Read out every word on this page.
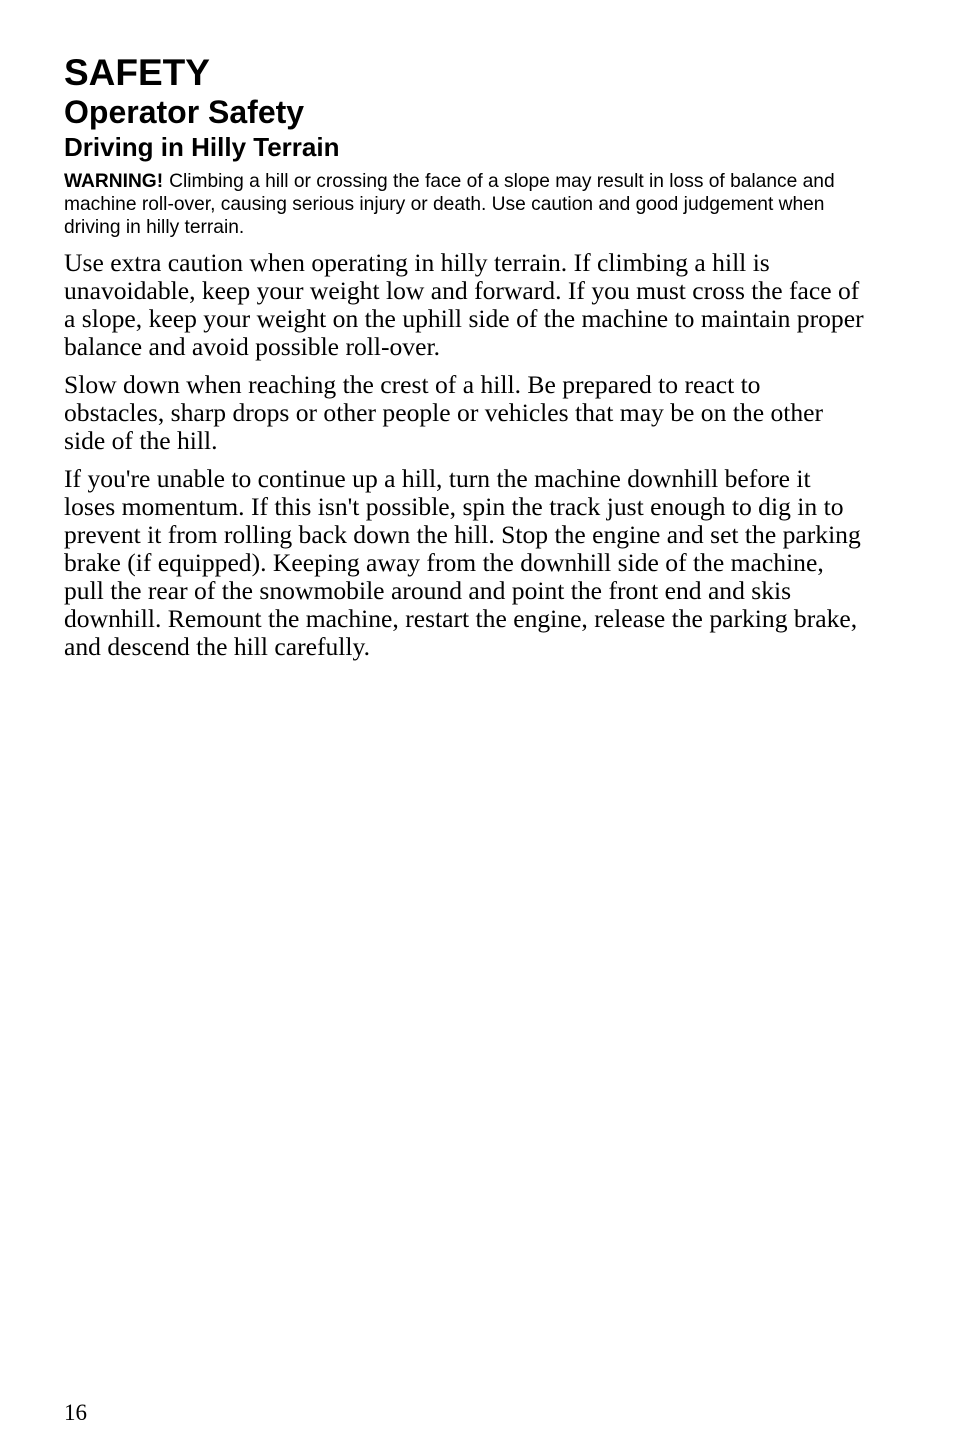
SAFETY
Operator Safety
Driving in Hilly Terrain

WARNING! Climbing a hill or crossing the face of a slope may result in loss of balance and machine roll-over, causing serious injury or death. Use caution and good judgement when driving in hilly terrain.

Use extra caution when operating in hilly terrain. If climbing a hill is unavoidable, keep your weight low and forward. If you must cross the face of a slope, keep your weight on the uphill side of the machine to maintain proper balance and avoid possible roll-over.

Slow down when reaching the crest of a hill. Be prepared to react to obstacles, sharp drops or other people or vehicles that may be on the other side of the hill.

If you're unable to continue up a hill, turn the machine downhill before it loses momentum. If this isn't possible, spin the track just enough to dig in to prevent it from rolling back down the hill. Stop the engine and set the parking brake (if equipped). Keeping away from the downhill side of the machine, pull the rear of the snowmobile around and point the front end and skis downhill. Remount the machine, restart the engine, release the parking brake, and descend the hill carefully.

16
